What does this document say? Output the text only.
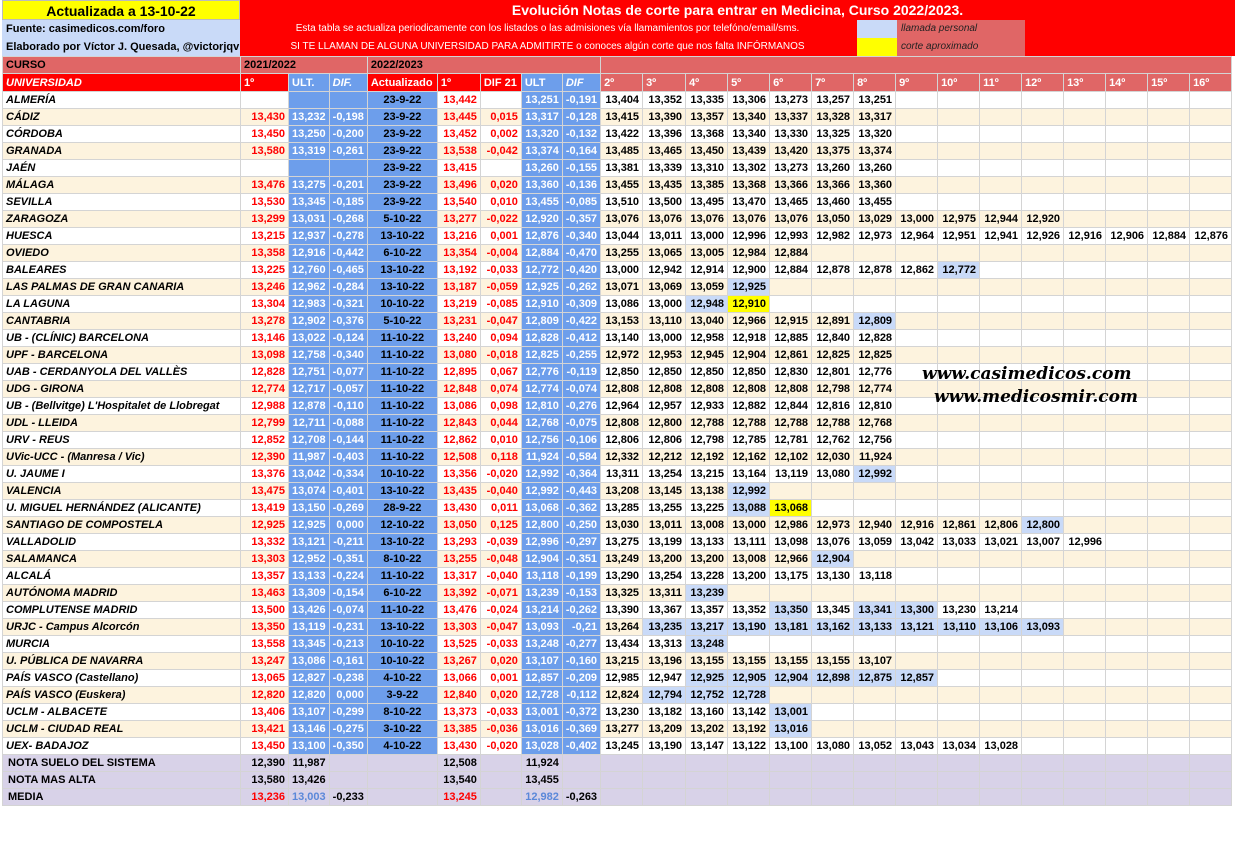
Actualizada a 13-10-22	Evolución Notas de corte para entrar en Medicina, Curso 2022/2023.
Fuente: casimedicos.com/foro
Elaborado por Víctor J. Quesada, @victorjqv
Esta tabla se actualiza periodicamente con los listados o las admisiones vía llamamientos por telefóno/email/sms.
SI TE LLAMAN DE ALGUNA UNIVERSIDAD PARA ADMITIRTE o conoces algún corte que nos falta INFÓRMANOS
llamada personal
corte aproximado
CURSO	2021/2022			2022/2023																			
UNIVERSIDAD	1º	ULT.	DIF.	Actualizado	1º	DIF 21	ULT	DIF	2º	3º	4º	5º	6º	7º	8º	9º	10º	11º	12º	13º	14º	15º	16º
ALMERÍA				23-9-22	13,442		13,251	-0,191	13,404	13,352	13,335	13,306	13,273	13,257	13,251								
CÁDIZ	13,430	13,232	-0,198	23-9-22	13,445	0,015	13,317	-0,128	13,415	13,390	13,357	13,340	13,337	13,328	13,317								
CÓRDOBA	13,450	13,250	-0,200	23-9-22	13,452	0,002	13,320	-0,132	13,422	13,396	13,368	13,340	13,330	13,325	13,320								
GRANADA	13,580	13,319	-0,261	23-9-22	13,538	-0,042	13,374	-0,164	13,485	13,465	13,450	13,439	13,420	13,375	13,374								
JAÉN				23-9-22	13,415		13,260	-0,155	13,381	13,339	13,310	13,302	13,273	13,260	13,260								
MÁLAGA	13,476	13,275	-0,201	23-9-22	13,496	0,020	13,360	-0,136	13,455	13,435	13,385	13,368	13,366	13,366	13,360								
SEVILLA	13,530	13,345	-0,185	23-9-22	13,540	0,010	13,455	-0,085	13,510	13,500	13,495	13,470	13,465	13,460	13,455								
ZARAGOZA	13,299	13,031	-0,268	5-10-22	13,277	-0,022	12,920	-0,357	13,076	13,076	13,076	13,076	13,076	13,050	13,029	13,000	12,975	12,944	12,920				
HUESCA	13,215	12,937	-0,278	13-10-22	13,216	0,001	12,876	-0,340	13,044	13,011	13,000	12,996	12,993	12,982	12,973	12,964	12,951	12,941	12,926	12,916	12,906	12,884	12,876
OVIEDO	13,358	12,916	-0,442	6-10-22	13,354	-0,004	12,884	-0,470	13,255	13,065	13,005	12,984	12,884										
BALEARES	13,225	12,760	-0,465	13-10-22	13,192	-0,033	12,772	-0,420	13,000	12,942	12,914	12,900	12,884	12,878	12,878	12,862	12,772						
LAS PALMAS DE GRAN CANARIA	13,246	12,962	-0,284	13-10-22	13,187	-0,059	12,925	-0,262	13,071	13,069	13,059	12,925											
LA LAGUNA	13,304	12,983	-0,321	10-10-22	13,219	-0,085	12,910	-0,309	13,086	13,000	12,948	12,910											
CANTABRIA	13,278	12,902	-0,376	5-10-22	13,231	-0,047	12,809	-0,422	13,153	13,110	13,040	12,966	12,915	12,891	12,809								
UB - (CLÍNIC) BARCELONA	13,146	13,022	-0,124	11-10-22	13,240	0,094	12,828	-0,412	13,140	13,000	12,958	12,918	12,885	12,840	12,828								
UPF - BARCELONA	13,098	12,758	-0,340	11-10-22	13,080	-0,018	12,825	-0,255	12,972	12,953	12,945	12,904	12,861	12,825	12,825								
UAB - CERDANYOLA DEL VALLÈS	12,828	12,751	-0,077	11-10-22	12,895	0,067	12,776	-0,119	12,850	12,850	12,850	12,850	12,830	12,801	12,776								
UDG - GIRONA	12,774	12,717	-0,057	11-10-22	12,848	0,074	12,774	-0,074	12,808	12,808	12,808	12,808	12,808	12,798	12,774								
UB - (Bellvitge) L'Hospitalet de Llobregat	12,988	12,878	-0,110	11-10-22	13,086	0,098	12,810	-0,276	12,964	12,957	12,933	12,882	12,844	12,816	12,810								
UDL - LLEIDA	12,799	12,711	-0,088	11-10-22	12,843	0,044	12,768	-0,075	12,808	12,800	12,788	12,788	12,788	12,788	12,768								
URV - REUS	12,852	12,708	-0,144	11-10-22	12,862	0,010	12,756	-0,106	12,806	12,806	12,798	12,785	12,781	12,762	12,756								
UVic-UCC - (Manresa / Vic)	12,390	11,987	-0,403	11-10-22	12,508	0,118	11,924	-0,584	12,332	12,212	12,192	12,162	12,102	12,030	11,924								
U. JAUME I	13,376	13,042	-0,334	10-10-22	13,356	-0,020	12,992	-0,364	13,311	13,254	13,215	13,164	13,119	13,080	12,992								
VALENCIA	13,475	13,074	-0,401	13-10-22	13,435	-0,040	12,992	-0,443	13,208	13,145	13,138	12,992											
U. MIGUEL HERNÁNDEZ (ALICANTE)	13,419	13,150	-0,269	28-9-22	13,430	0,011	13,068	-0,362	13,285	13,255	13,225	13,088	13,068										
SANTIAGO DE COMPOSTELA	12,925	12,925	0,000	12-10-22	13,050	0,125	12,800	-0,250	13,030	13,011	13,008	13,000	12,986	12,973	12,940	12,916	12,861	12,806	12,800				
VALLADOLID	13,332	13,121	-0,211	13-10-22	13,293	-0,039	12,996	-0,297	13,275	13,199	13,133	13,111	13,098	13,076	13,059	13,042	13,033	13,021	13,007	12,996			
SALAMANCA	13,303	12,952	-0,351	8-10-22	13,255	-0,048	12,904	-0,351	13,249	13,200	13,200	13,008	12,966	12,904									
ALCALÁ	13,357	13,133	-0,224	11-10-22	13,317	-0,040	13,118	-0,199	13,290	13,254	13,228	13,200	13,175	13,130	13,118								
AUTÓNOMA MADRID	13,463	13,309	-0,154	6-10-22	13,392	-0,071	13,239	-0,153	13,325	13,311	13,239												
COMPLUTENSE MADRID	13,500	13,426	-0,074	11-10-22	13,476	-0,024	13,214	-0,262	13,390	13,367	13,357	13,352	13,350	13,345	13,341	13,300	13,230	13,214					
URJC - Campus Alcorcón	13,350	13,119	-0,231	13-10-22	13,303	-0,047	13,093	-0,21	13,264	13,235	13,217	13,190	13,181	13,162	13,133	13,121	13,110	13,106	13,093				
MURCIA	13,558	13,345	-0,213	10-10-22	13,525	-0,033	13,248	-0,277	13,434	13,313	13,248												
U. PÚBLICA DE NAVARRA	13,247	13,086	-0,161	10-10-22	13,267	0,020	13,107	-0,160	13,215	13,196	13,155	13,155	13,155	13,155	13,107								
PAÍS VASCO (Castellano)	13,065	12,827	-0,238	4-10-22	13,066	0,001	12,857	-0,209	12,985	12,947	12,925	12,905	12,904	12,898	12,875	12,857							
PAÍS VASCO (Euskera)	12,820	12,820	0,000	3-9-22	12,840	0,020	12,728	-0,112	12,824	12,794	12,752	12,728											
UCLM - ALBACETE	13,406	13,107	-0,299	8-10-22	13,373	-0,033	13,001	-0,372	13,230	13,182	13,160	13,142	13,001										
UCLM - CIUDAD REAL	13,421	13,146	-0,275	3-10-22	13,385	-0,036	13,016	-0,369	13,277	13,209	13,202	13,192	13,016										
UEX- BADAJOZ	13,450	13,100	-0,350	4-10-22	13,430	-0,020	13,028	-0,402	13,245	13,190	13,147	13,122	13,100	13,080	13,052	13,043	13,034	13,028					
NOTA SUELO DEL SISTEMA	12,390	11,987			12,508		11,924																
NOTA MAS ALTA	13,580	13,426			13,540		13,455																
MEDIA	13,236	13,003	-0,233		13,245		12,982	-0,263															
www.casimedicos.com
www.medicosmir.com
